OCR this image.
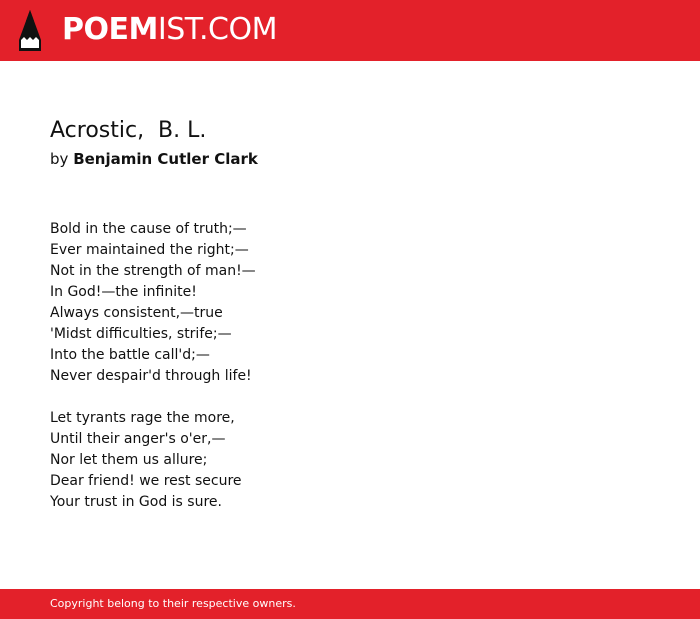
POEMIST.COM
Acrostic,  B. L.
by Benjamin Cutler Clark
Bold in the cause of truth;—
Ever maintained the right;—
Not in the strength of man!—
In God!—the infinite!
Always consistent,—true
'Midst difficulties, strife;—
Into the battle call'd;—
Never despair'd through life!
Let tyrants rage the more,
Until their anger's o'er,—
Nor let them us allure;
Dear friend! we rest secure
Your trust in God is sure.
Copyright belong to their respective owners.
